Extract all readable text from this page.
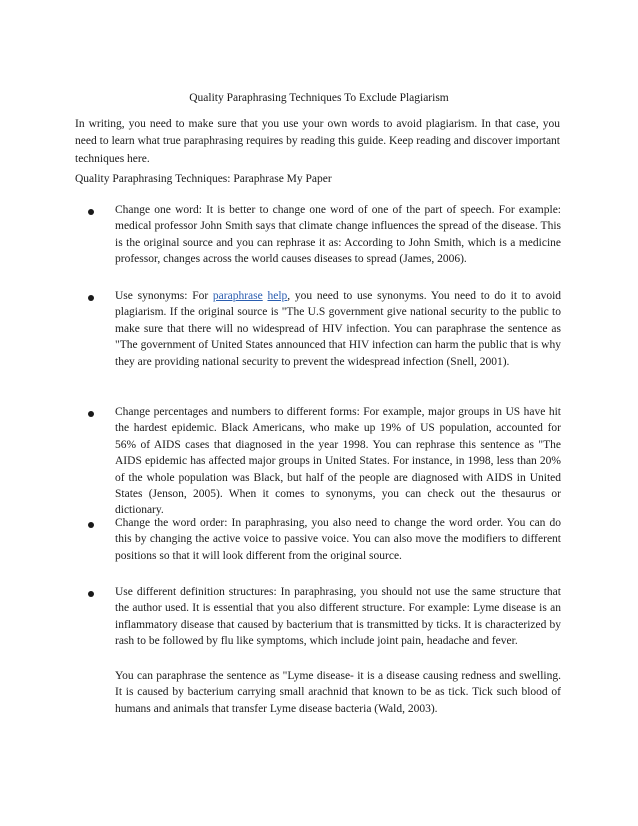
Quality Paraphrasing Techniques To Exclude Plagiarism
In writing, you need to make sure that you use your own words to avoid plagiarism. In that case, you need to learn what true paraphrasing requires by reading this guide. Keep reading and discover important techniques here.
Quality Paraphrasing Techniques: Paraphrase My Paper
Change one word: It is better to change one word of one of the part of speech. For example: medical professor John Smith says that climate change influences the spread of the disease. This is the original source and you can rephrase it as: According to John Smith, which is a medicine professor, changes across the world causes diseases to spread (James, 2006).
Use synonyms: For paraphrase help, you need to use synonyms. You need to do it to avoid plagiarism. If the original source is "The U.S government give national security to the public to make sure that there will no widespread of HIV infection. You can paraphrase the sentence as "The government of United States announced that HIV infection can harm the public that is why they are providing national security to prevent the widespread infection (Snell, 2001).
Change percentages and numbers to different forms: For example, major groups in US have hit the hardest epidemic. Black Americans, who make up 19% of US population, accounted for 56% of AIDS cases that diagnosed in the year 1998. You can rephrase this sentence as "The AIDS epidemic has affected major groups in United States. For instance, in 1998, less than 20% of the whole population was Black, but half of the people are diagnosed with AIDS in United States (Jenson, 2005). When it comes to synonyms, you can check out the thesaurus or dictionary.
Change the word order: In paraphrasing, you also need to change the word order. You can do this by changing the active voice to passive voice. You can also move the modifiers to different positions so that it will look different from the original source.
Use different definition structures: In paraphrasing, you should not use the same structure that the author used. It is essential that you also different structure. For example: Lyme disease is an inflammatory disease that caused by bacterium that is transmitted by ticks. It is characterized by rash to be followed by flu like symptoms, which include joint pain, headache and fever.
You can paraphrase the sentence as "Lyme disease- it is a disease causing redness and swelling. It is caused by bacterium carrying small arachnid that known to be as tick. Tick such blood of humans and animals that transfer Lyme disease bacteria (Wald, 2003).
